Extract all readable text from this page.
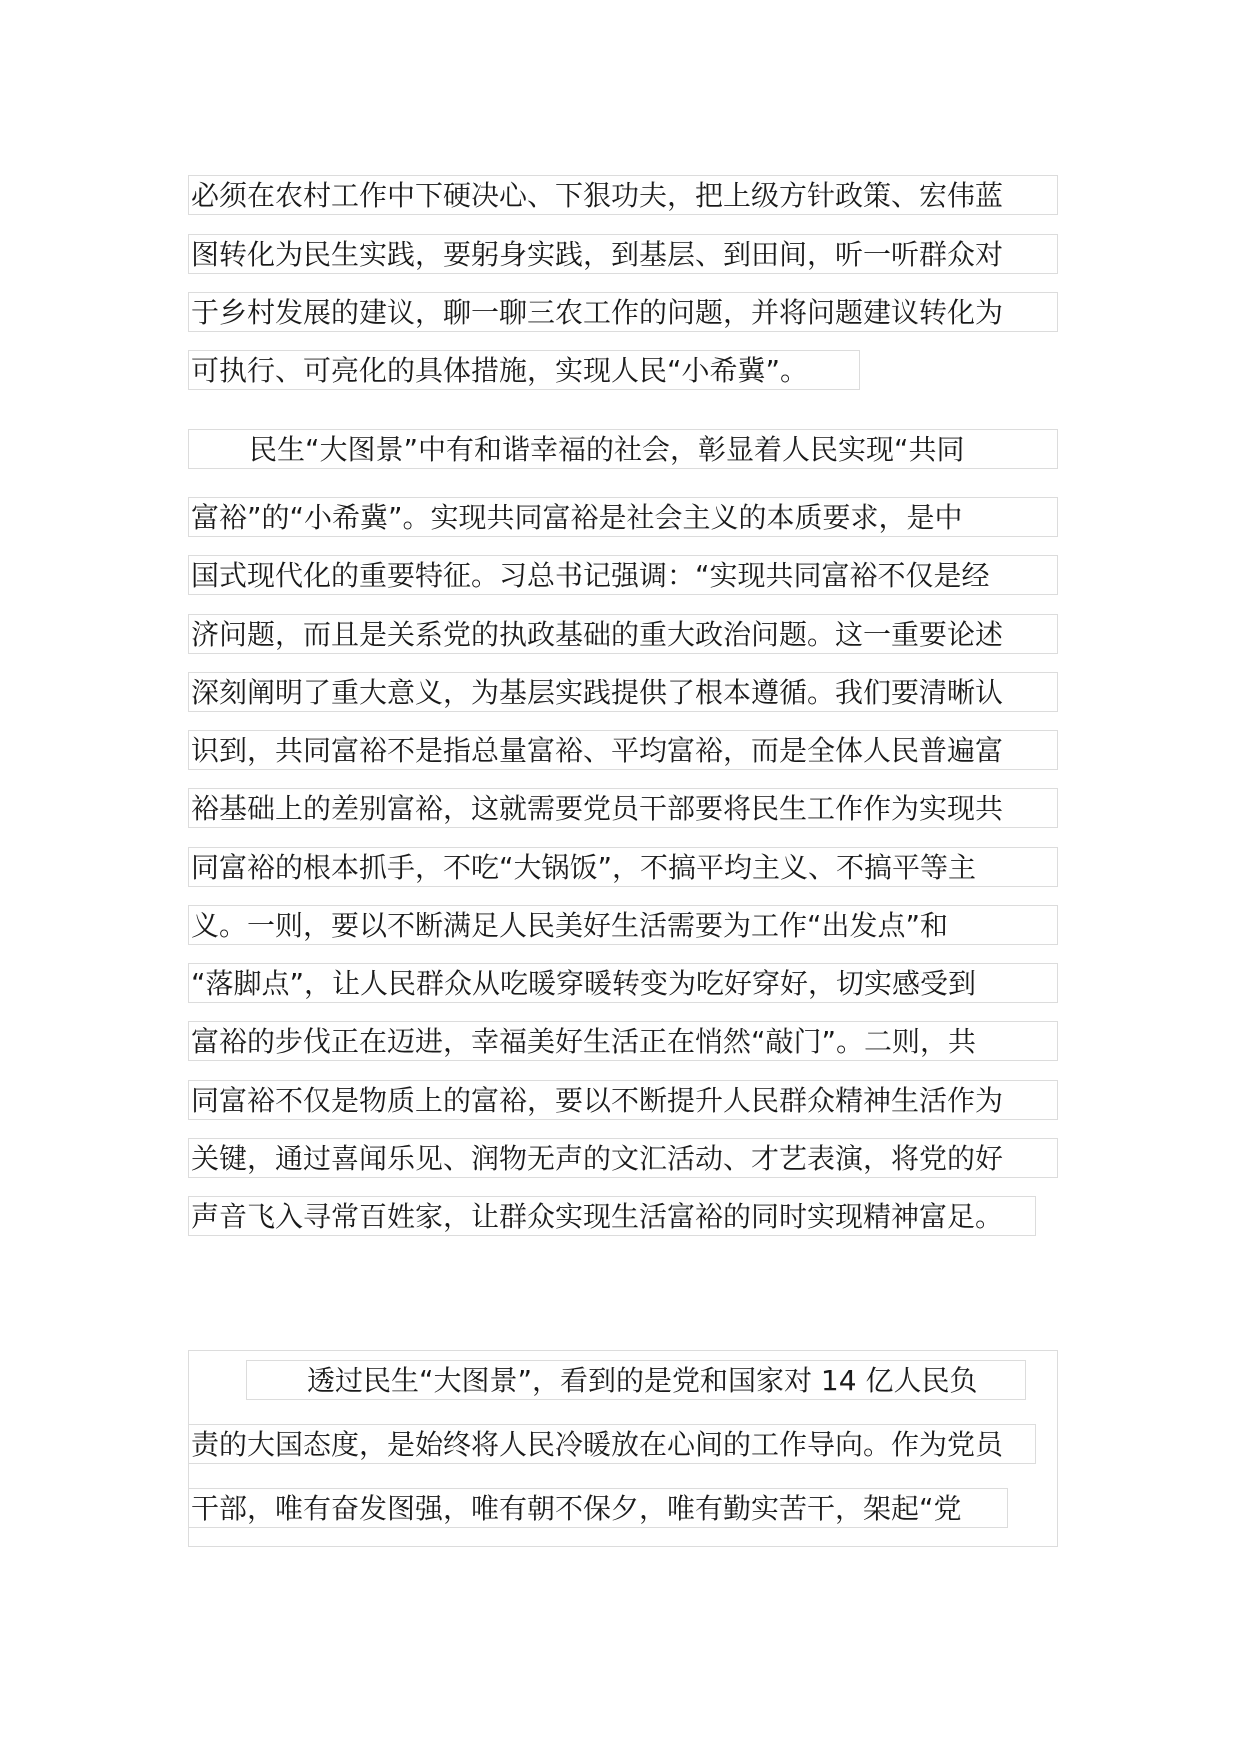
必须在农村工作中下硬决心、下狠功夫，把上级方针政策、宏伟蓝
图转化为民生实践，要躬身实践，到基层、到田间，听一听群众对
于乡村发展的建议，聊一聊三农工作的问题，并将问题建议转化为
可执行、可亮化的具体措施，实现人民“小希冀”。
民生“大图景”中有和谐幸福的社会，彰显着人民实现“共同
富裕”的“小希冀”。实现共同富裕是社会主义的本质要求，是中
国式现代化的重要特征。习总书记强调：“实现共同富裕不仅是经
济问题，而且是关系党的执政基础的重大政治问题。这一重要论述
深刻阐明了重大意义，为基层实践提供了根本遵循。我们要清晰认
识到，共同富裕不是指总量富裕、平均富裕，而是全体人民普遍富
裕基础上的差别富裕，这就需要党员干部要将民生工作作为实现共
同富裕的根本抓手，不吃“大锅饭”，不搞平均主义、不搞平等主
义。一则，要以不断满足人民美好生活需要为工作“出发点”和
“落脚点”，让人民群众从吃暖穿暖转变为吃好穿好，切实感受到
富裕的步伐正在迈进，幸福美好生活正在悄然“敲门”。二则，共
同富裕不仅是物质上的富裕，要以不断提升人民群众精神生活作为
关键，通过喜闻乐见、润物无声的文汇活动、才艺表演，将党的好
声音飞入寻常百姓家，让群众实现生活富裕的同时实现精神富足。
透过民生“大图景”，看到的是党和国家对 14 亿人民负
责的大国态度，是始终将人民冷暖放在心间的工作导向。作为党员
干部，唯有奋发图强，唯有朝不保夕，唯有勤实苦干，架起“党
